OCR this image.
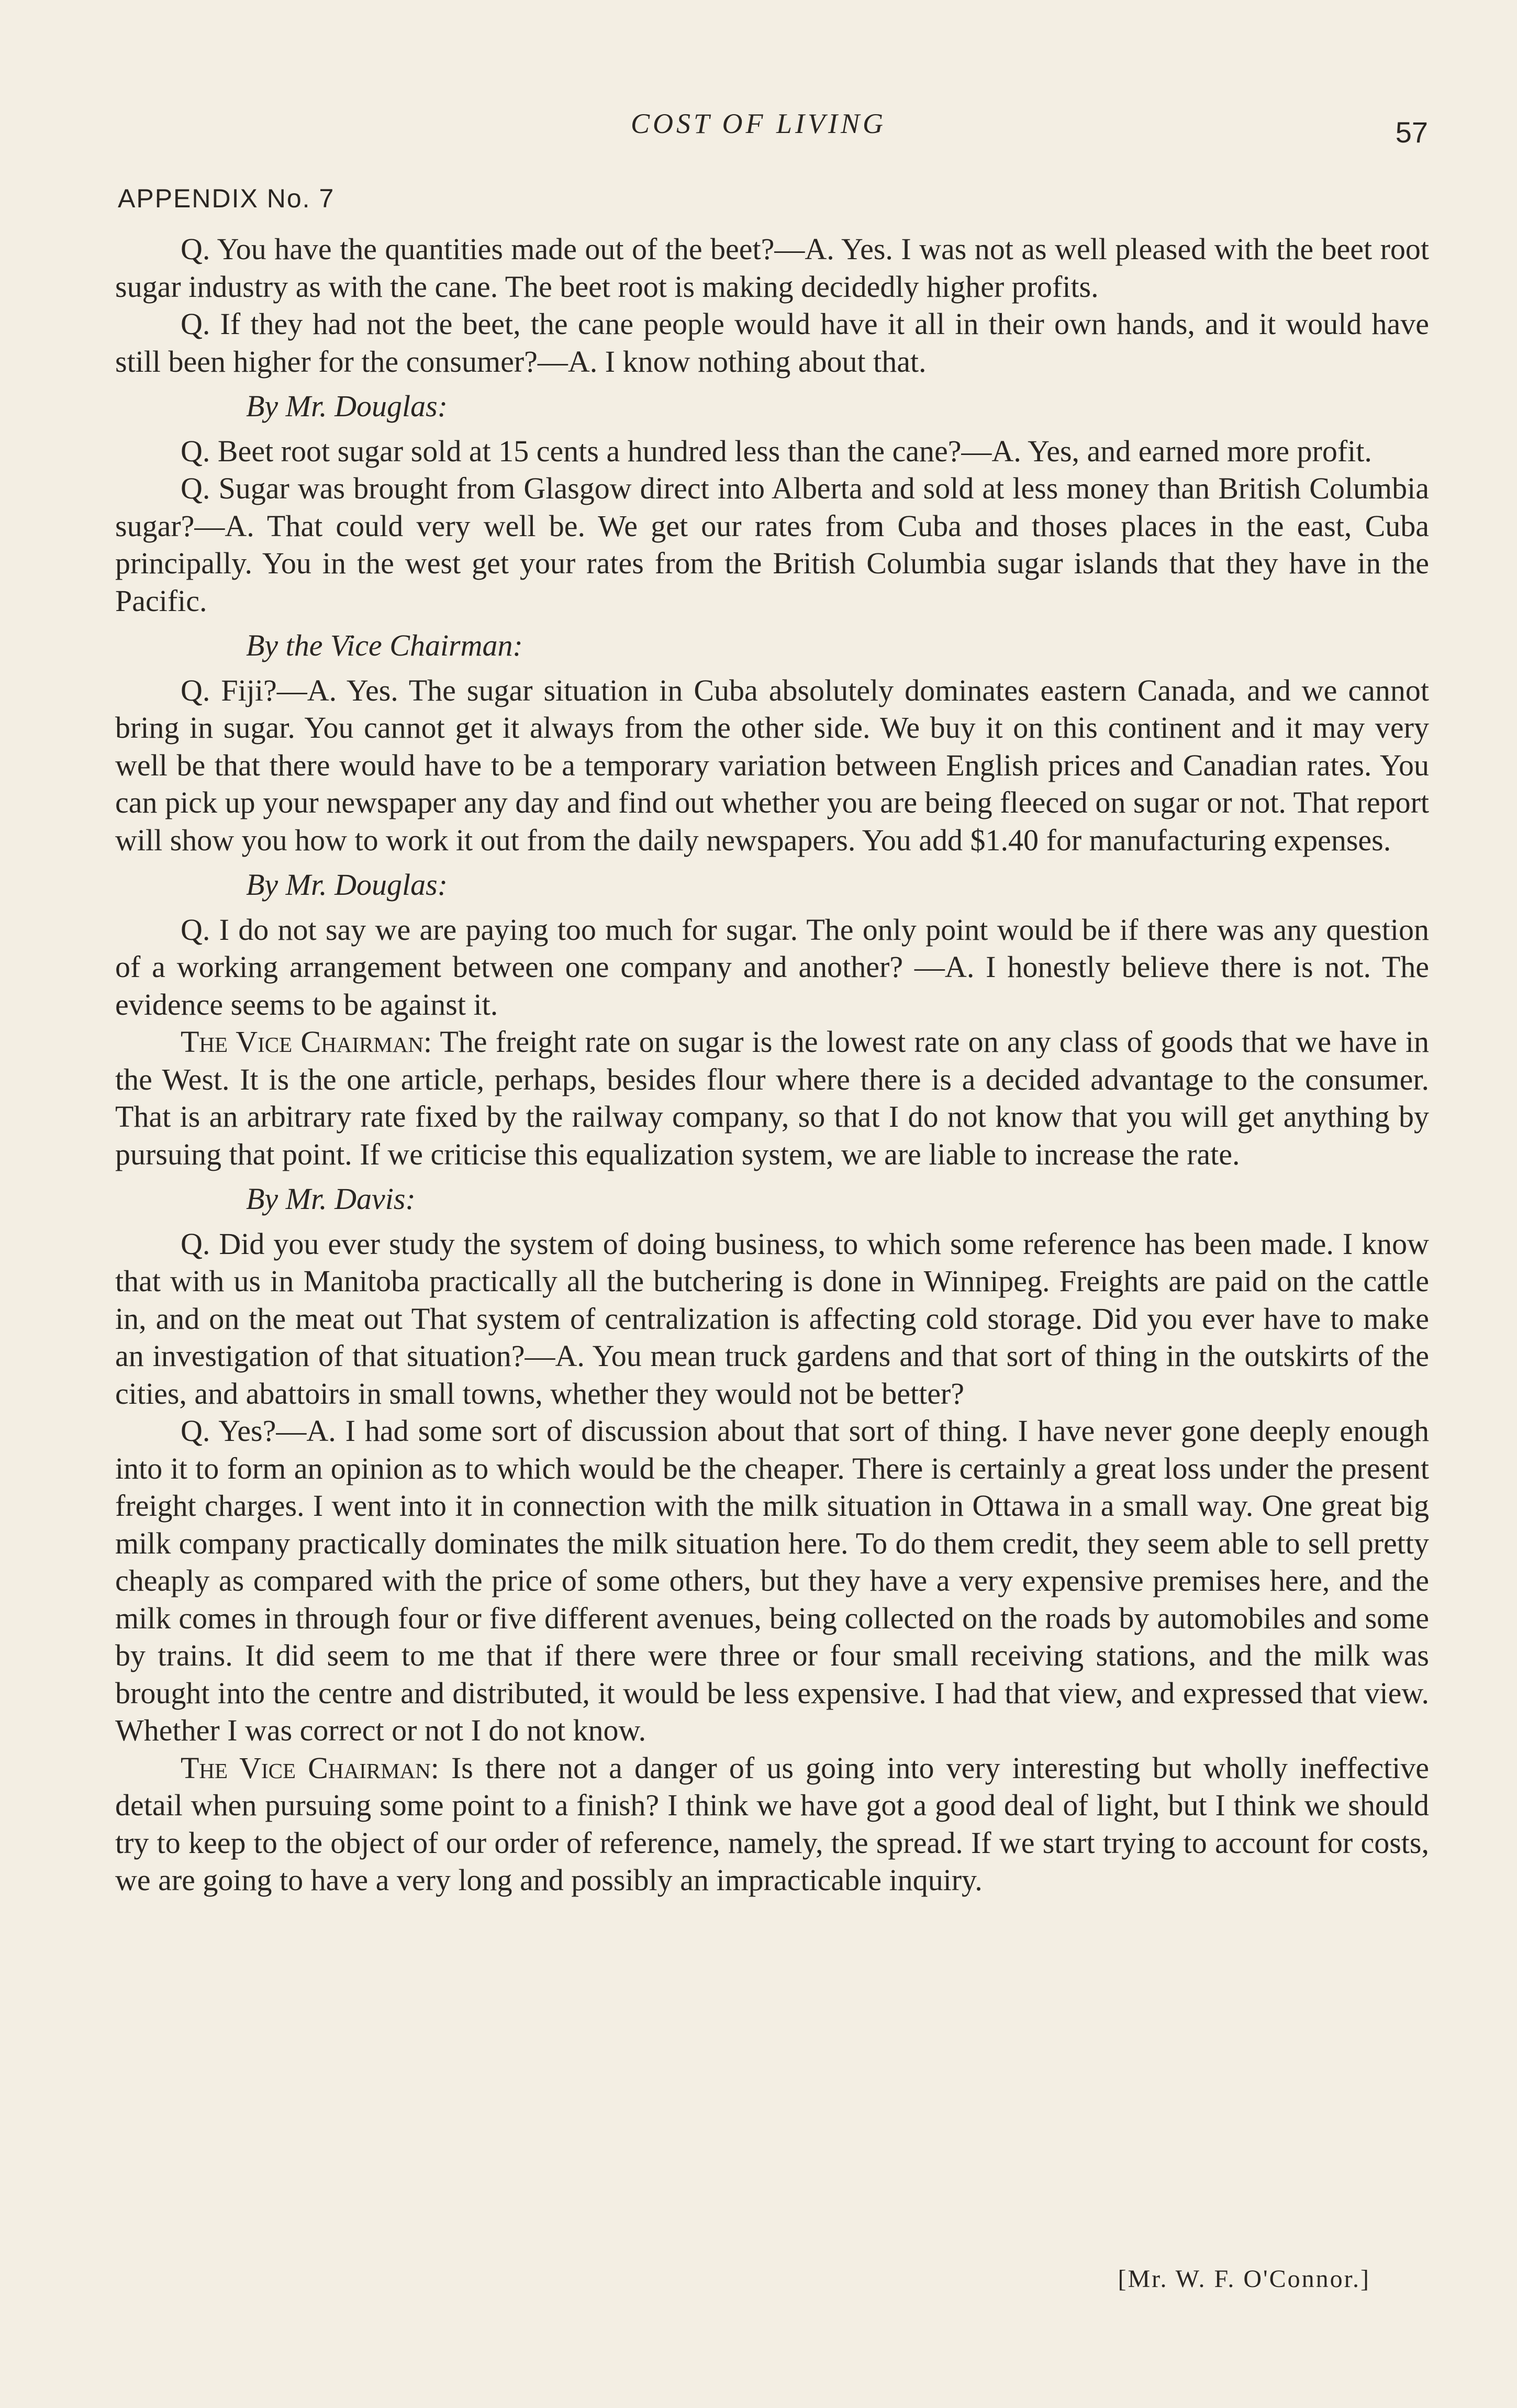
COST OF LIVING	57
APPENDIX No. 7

Q. You have the quantities made out of the beet?—A. Yes. I was not as well pleased with the beet root sugar industry as with the cane. The beet root is making decidedly higher profits.

Q. If they had not the beet, the cane people would have it all in their own hands, and it would have still been higher for the consumer?—A. I know nothing about that.

By Mr. Douglas:

Q. Beet root sugar sold at 15 cents a hundred less than the cane?—A. Yes, and earned more profit.

Q. Sugar was brought from Glasgow direct into Alberta and sold at less money than British Columbia sugar?—A. That could very well be. We get our rates from Cuba and thoses places in the east, Cuba principally. You in the west get your rates from the British Columbia sugar islands that they have in the Pacific.

By the Vice Chairman:

Q. Fiji?—A. Yes. The sugar situation in Cuba absolutely dominates eastern Canada, and we cannot bring in sugar. You cannot get it always from the other side. We buy it on this continent and it may very well be that there would have to be a temporary variation between English prices and Canadian rates. You can pick up your newspaper any day and find out whether you are being fleeced on sugar or not. That report will show you how to work it out from the daily newspapers. You add $1.40 for manufacturing expenses.

By Mr. Douglas:

Q. I do not say we are paying too much for sugar. The only point would be if there was any question of a working arrangement between one company and another? —A. I honestly believe there is not. The evidence seems to be against it.

The Vice Chairman: The freight rate on sugar is the lowest rate on any class of goods that we have in the West. It is the one article, perhaps, besides flour where there is a decided advantage to the consumer. That is an arbitrary rate fixed by the railway company, so that I do not know that you will get anything by pursuing that point. If we criticise this equalization system, we are liable to increase the rate.

By Mr. Davis:

Q. Did you ever study the system of doing business, to which some reference has been made. I know that with us in Manitoba practically all the butchering is done in Winnipeg. Freights are paid on the cattle in, and on the meat out That system of centralization is affecting cold storage. Did you ever have to make an investigation of that situation?—A. You mean truck gardens and that sort of thing in the outskirts of the cities, and abattoirs in small towns, whether they would not be better?

Q. Yes?—A. I had some sort of discussion about that sort of thing. I have never gone deeply enough into it to form an opinion as to which would be the cheaper. There is certainly a great loss under the present freight charges. I went into it in connection with the milk situation in Ottawa in a small way. One great big milk company practically dominates the milk situation here. To do them credit, they seem able to sell pretty cheaply as compared with the price of some others, but they have a very expensive premises here, and the milk comes in through four or five different avenues, being collected on the roads by automobiles and some by trains. It did seem to me that if there were three or four small receiving stations, and the milk was brought into the centre and distributed, it would be less expensive. I had that view, and expressed that view. Whether I was correct or not I do not know.

The Vice Chairman: Is there not a danger of us going into very interesting but wholly ineffective detail when pursuing some point to a finish? I think we have got a good deal of light, but I think we should try to keep to the object of our order of reference, namely, the spread. If we start trying to account for costs, we are going to have a very long and possibly an impracticable inquiry.

[Mr. W. F. O'Connor.]
